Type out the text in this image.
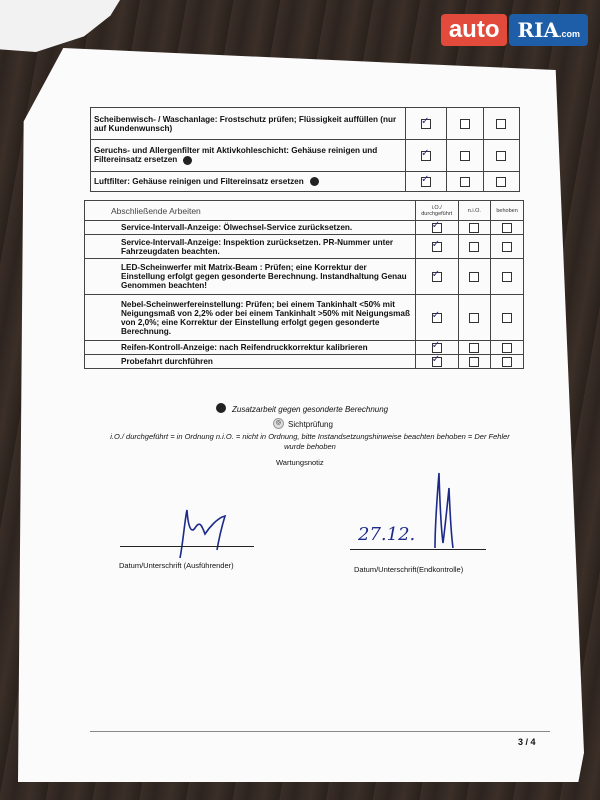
Scheibenwisch- / Waschanlage: Frostschutz prüfen; Flüssigkeit auffüllen (nur auf Kundenwunsch)	✓		
Geruchs- und Allergenfilter mit Aktivkohleschicht: Gehäuse reinigen und Filtereinsatz ersetzen	✓		
Luftfilter: Gehäuse reinigen und Filtereinsatz ersetzen	✓		
Abschließende Arbeiten	i.O./ durchgeführt	n.i.O.	behoben
Service-Intervall-Anzeige: Ölwechsel-Service zurücksetzen.	✓		
Service-Intervall-Anzeige: Inspektion zurücksetzen. PR-Nummer unter Fahrzeugdaten beachten.	✓		
LED-Scheinwerfer mit Matrix-Beam : Prüfen; eine Korrektur der Einstellung erfolgt gegen gesonderte Berechnung. Instandhaltung Genau Genommen beachten!	✓		
Nebel-Scheinwerfereinstellung: Prüfen; bei einem Tankinhalt <50% mit Neigungsmaß von 2,2% oder bei einem Tankinhalt >50% mit Neigungsmaß von 2,0%; eine Korrektur der Einstellung erfolgt gegen gesonderte Berechnung.	✓		
Reifen-Kontroll-Anzeige: nach Reifendruckkorrektur kalibrieren	✓		
Probefahrt durchführen	✓		
Zusatzarbeit gegen gesonderte Berechnung
◎ Sichtprüfung
i.O./ durchgeführt = in Ordnung n.i.O. = nicht in Ordnung, bitte Instandsetzungshinweise beachten behoben = Der Fehler
wurde behoben
Wartungsnotiz
Datum/Unterschrift (Ausführender)
27.12.
Datum/Unterschrift(Endkontrolle)
3 / 4
auto RIA.com
